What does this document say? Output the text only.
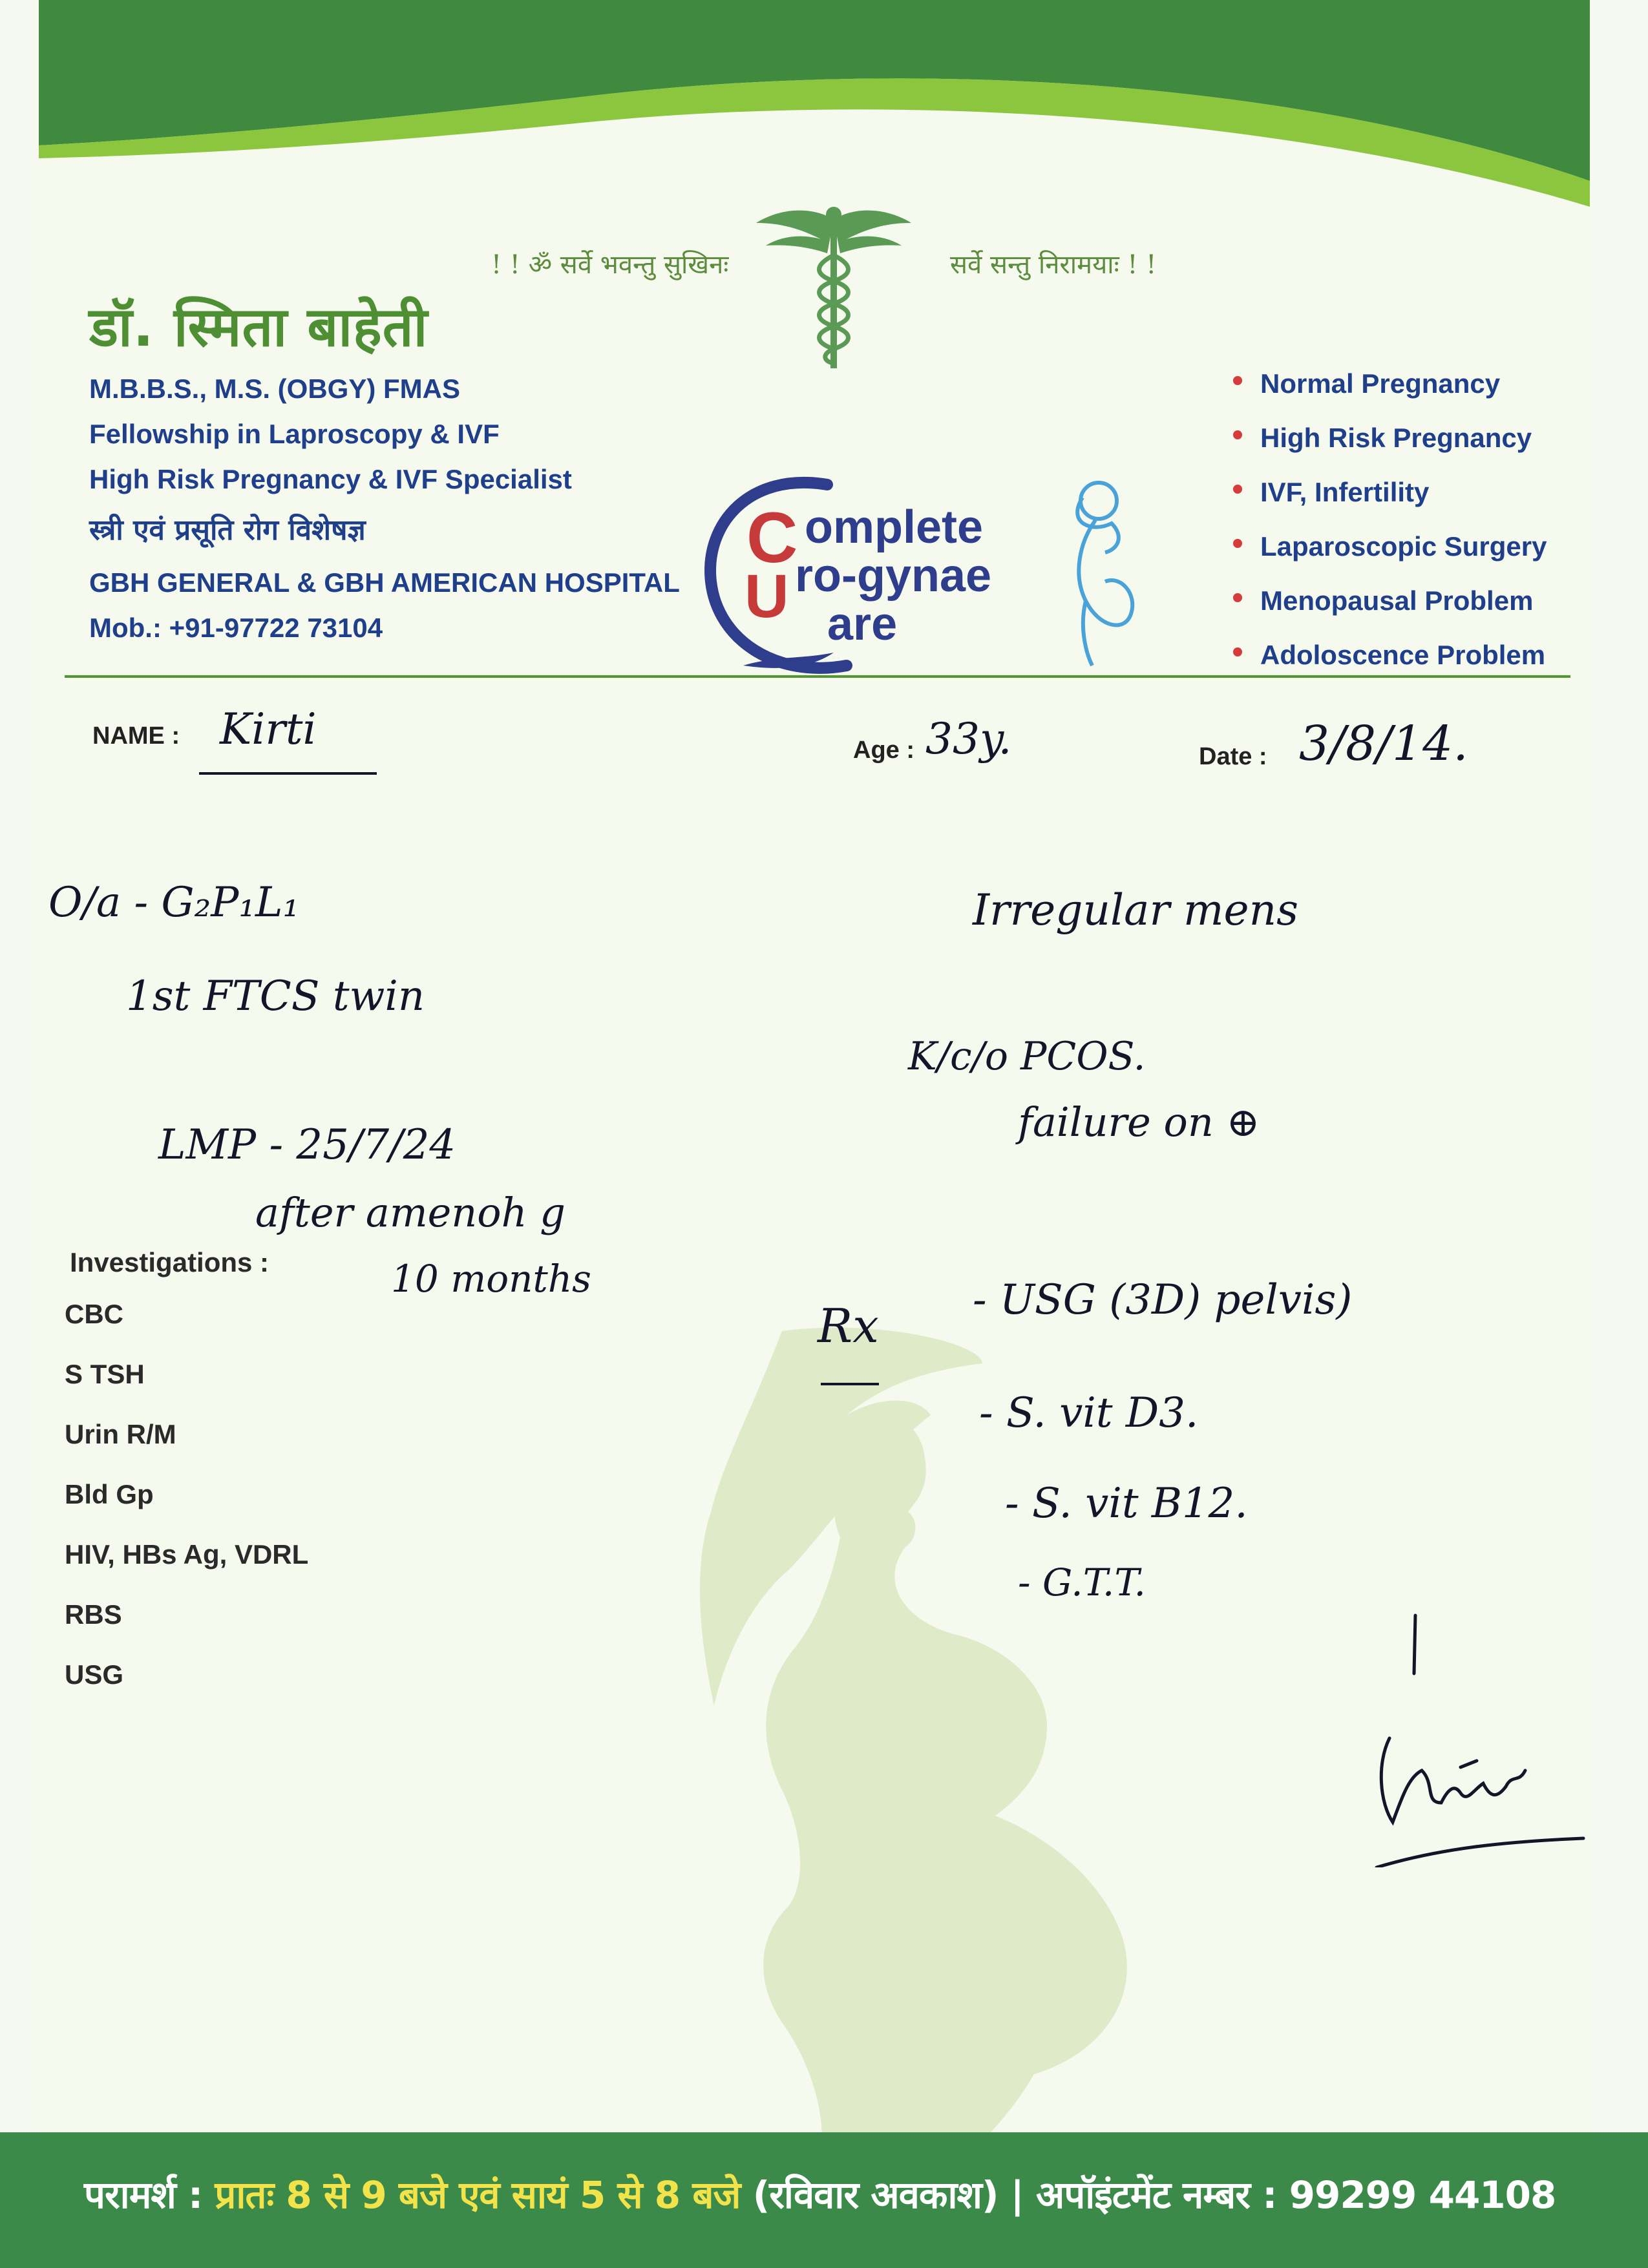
! ! ॐ सर्वे भवन्तु सुखिनः	सर्वे सन्तु निरामयाः ! !
डॉ. स्मिता बाहेती
M.B.B.S., M.S. (OBGY) FMAS
Fellowship in Laproscopy & IVF
High Risk Pregnancy & IVF Specialist
स्त्री एवं प्रसूति रोग विशेषज्ञ
GBH GENERAL & GBH AMERICAN HOSPITAL
Mob.: +91-97722 73104
C
U
omplete
ro-gynae
are
Normal Pregnancy
High Risk Pregnancy
IVF, Infertility
Laparoscopic Surgery
Menopausal Problem
Adoloscence Problem
NAME : Kirti	Age : 33y.	Date : 3/8/14.
O/a - G₂P₁L₁
1st FTCS twin
LMP - 25/7/24
after amenoh g
10 months
Irregular mens
K/c/o PCOS.
failure on ⊕
Investigations :
CBC
S TSH
Urin R/M
Bld Gp
HIV, HBs Ag, VDRL
RBS
USG
Rx - USG (3D) pelvis)
- S. vit D3.
- S. vit B12.
- G.T.T.
परामर्श : प्रातः 8 से 9 बजे एवं सायं 5 से 8 बजे (रविवार अवकाश) | अपॉइंटमेंट नम्बर : 99299 44108
